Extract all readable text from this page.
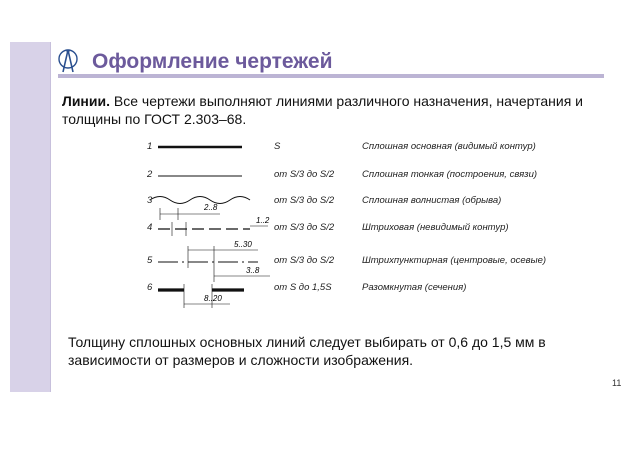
Оформление чертежей
Линии. Все чертежи выполняют линиями различного назначения, начертания и толщины по ГОСТ 2.303–68.
2..8
1..2
5..30
3..8
8..20
1	S	Сплошная основная (видимый контур)
2	от S/3 до S/2	Сплошная тонкая (построения, связи)
3	от S/3 до S/2	Сплошная волнистая (обрыва)
4	от S/3 до S/2	Штриховая (невидимый контур)
5	от S/3 до S/2	Штрихпунктирная (центровые, осевые)
6	от S до 1,5S	Разомкнутая (сечения)
Толщину сплошных основных линий следует выбирать от 0,6 до 1,5 мм в зависимости от размеров и сложности изображения.
11
